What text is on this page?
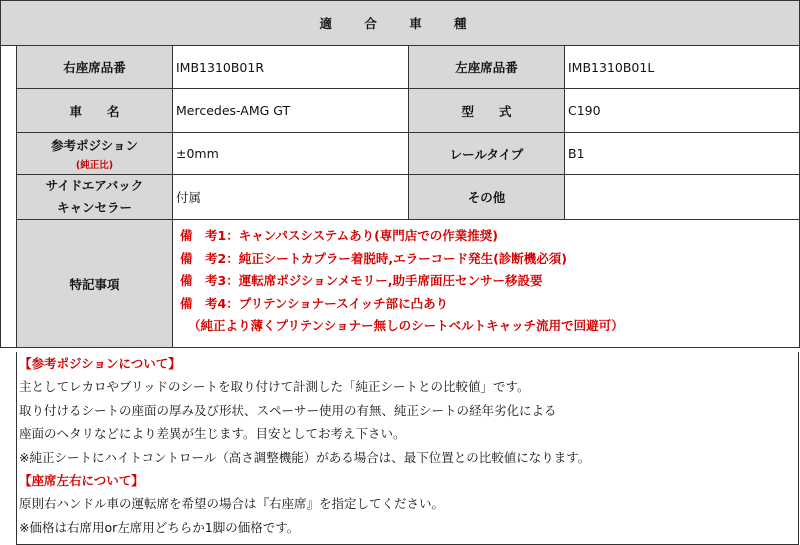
適 合 車 種				
	右座席品番	IMB1310B01R	左座席品番	IMB1310B01L
	車　　名	Mercedes-AMG GT	型　　式	C190
	参考ポジション
(純正比)	±0mm	レールタイプ	B1

	サイドエアバック
キャンセラー	付属	その他	
	特記事項	備　考1：キャンパスシステムあり(専門店での作業推奨)
備　考2：純正シートカプラー着脱時,エラーコード発生(診断機必須)
備　考3：運転席ポジションメモリー,助手席面圧センサー移設要
備　考4：プリテンショナースイッチ部に凸あり
（純正より薄くプリテンショナー無しのシートベルトキャッチ流用で回避可）		
【参考ポジションについて】
主としてレカロやブリッドのシートを取り付けて計測した「純正シートとの比較値」です。
取り付けるシートの座面の厚み及び形状、スペーサー使用の有無、純正シートの経年劣化による
座面のヘタリなどにより差異が生じます。目安としてお考え下さい。
※純正シートにハイトコントロール（高さ調整機能）がある場合は、最下位置との比較値になります。
【座席左右について】
原則右ハンドル車の運転席を希望の場合は『右座席』を指定してください。
※価格は右席用or左席用どちらか1脚の価格です。
